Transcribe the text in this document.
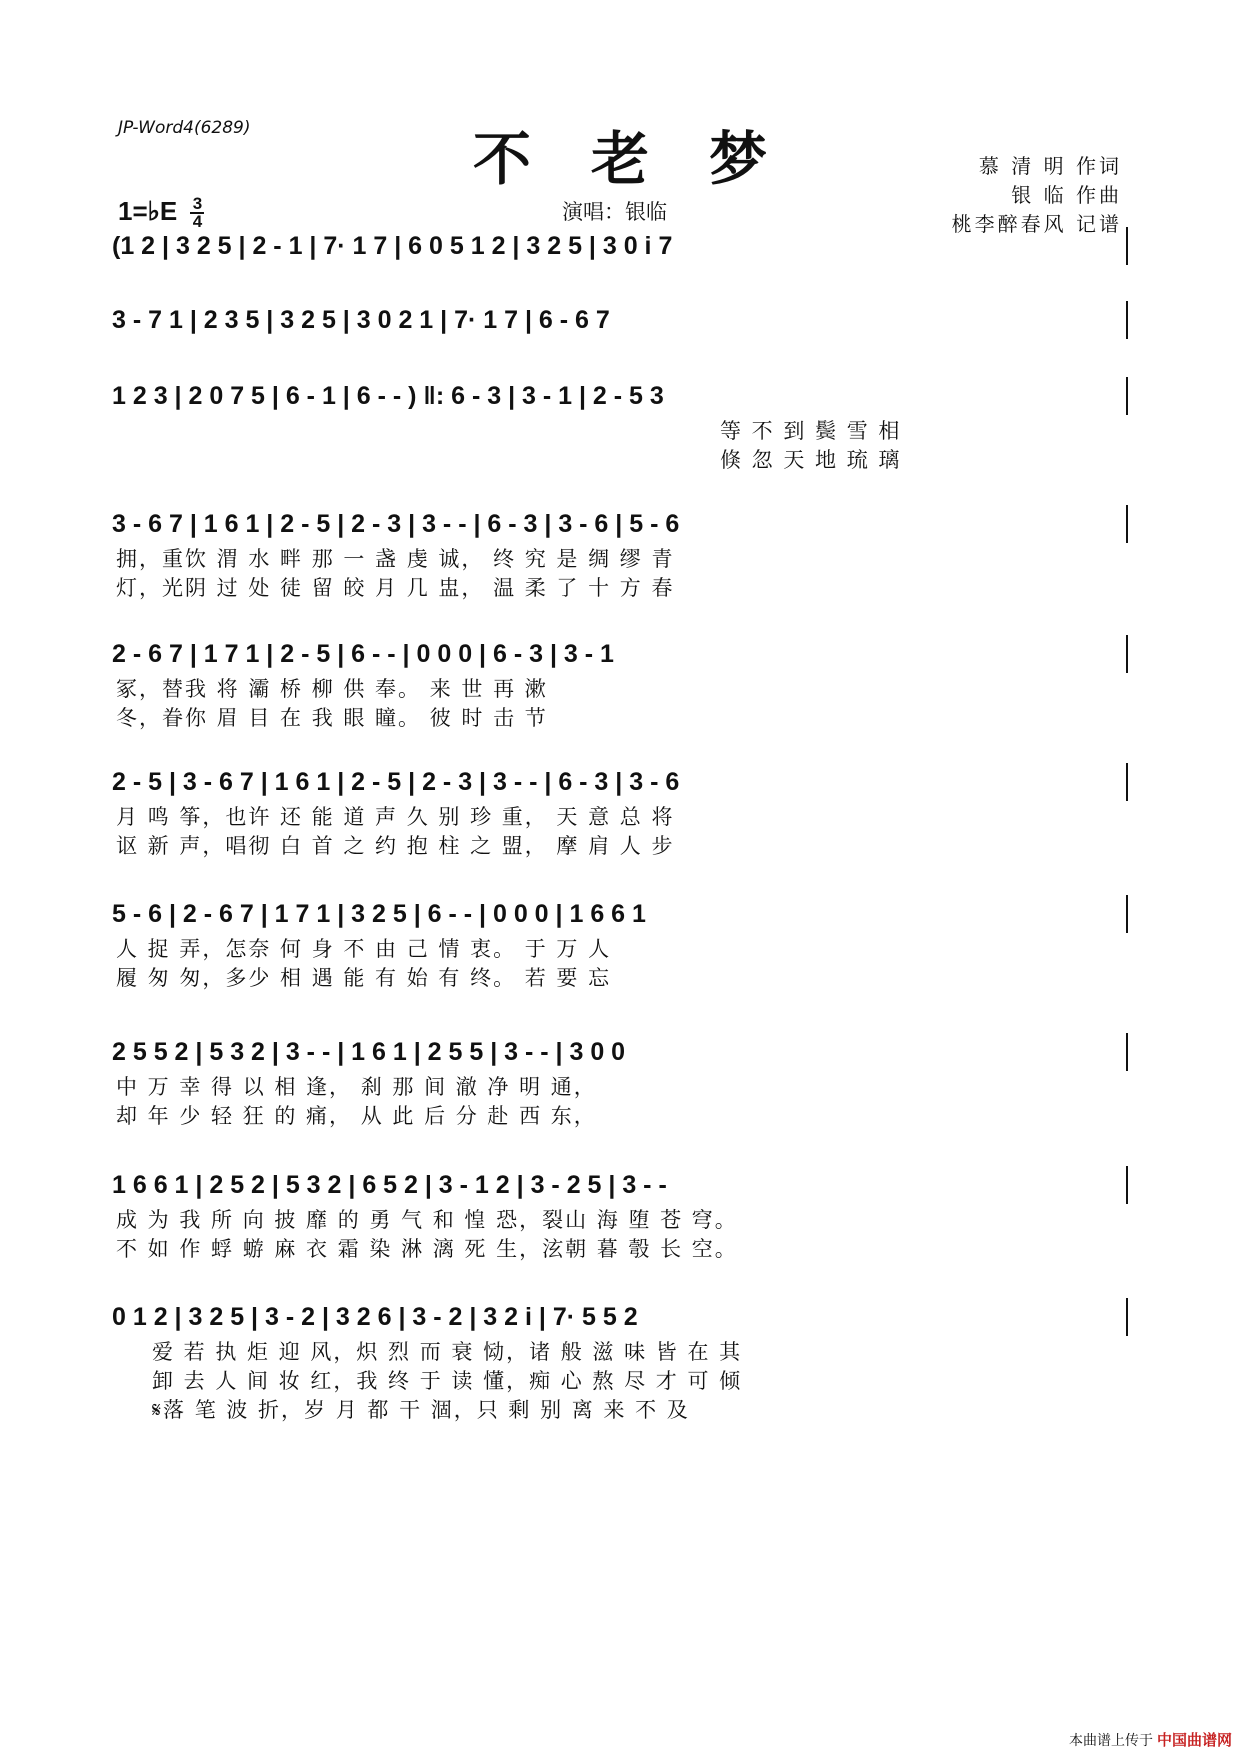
JP-Word4(6289)	不老梦	慕 清 明 作词
银 临 作曲
桃李醉春风 记谱
1=♭E $\frac{3}{4}$	演唱：银临
(1 2 | 3 2 5 | 2 - 1 | 7· 1 7 | 6 0 5 1 2 | 3 2 5 | 3 0 i 7
3 - 7 1 | 2 3 5 | 3 2 5 | 3 0 2 1 | 7· 1 7 | 6 - 6 7
1 2 3 | 2 0 7 5 | 6 - 1 | 6 - - ) ‖: 6 - 3 | 3 - 1 | 2 - 5 3
等 不 到 鬓 雪 相
倏 忽 天 地 琉 璃
3 - 6 7 | 1 6 1 | 2 - 5 | 2 - 3 | 3 - - | 6 - 3 | 3 - 6 | 5 - 6
拥，重饮 渭 水 畔 那 一 盏 虔 诚， 终 究 是 绸 缪 青
灯，光阴 过 处 徒 留 皎 月 几 盅， 温 柔 了 十 方 春
2 - 6 7 | 1 7 1 | 2 - 5 | 6 - - | 0 0 0 | 6 - 3 | 3 - 1
冢，替我 将 灞 桥 柳 供 奉。 来 世 再 漱
冬，眷你 眉 目 在 我 眼 瞳。 彼 时 击 节
2 - 5 | 3 - 6 7 | 1 6 1 | 2 - 5 | 2 - 3 | 3 - - | 6 - 3 | 3 - 6
月 鸣 筝，也许 还 能 道 声 久 别 珍 重， 天 意 总 将
讴 新 声，唱彻 白 首 之 约 抱 柱 之 盟， 摩 肩 人 步
5 - 6 | 2 - 6 7 | 1 7 1 | 3 2 5 | 6 - - | 0 0 0 | 1 6 6 1
人 捉 弄，怎奈 何 身 不 由 己 情 衷。 于 万 人
履 匆 匆，多少 相 遇 能 有 始 有 终。 若 要 忘
2 5 5 2 | 5 3 2 | 3 - - | 1 6 1 | 2 5 5 | 3 - - | 3 0 0
中 万 幸 得 以 相 逢， 刹 那 间 澈 净 明 通，
却 年 少 轻 狂 的 痛， 从 此 后 分 赴 西 东，
1 6 6 1 | 2 5 2 | 5 3 2 | 6 5 2 | 3 - 1 2 | 3 - 2 5 | 3 - -
成 为 我 所 向 披 靡 的 勇 气 和 惶 恐，裂山 海 堕 苍 穹。
不 如 作 蜉 蝣 麻 衣 霜 染 淋 漓 死 生，泫朝 暮 彀 长 空。
0 1 2 | 3 2 5 | 3 - 2 | 3 2 6 | 3 - 2 | 3 2 i | 7· 5 5 2
爱 若 执 炬 迎 风，炽 烈 而 衰 恸，诸 般 滋 味 皆 在 其
卸 去 人 间 妆 红，我 终 于 读 懂，痴 心 熬 尽 才 可 倾
𝄋落 笔 波 折，岁 月 都 干 涸，只 剩 别 离 来 不 及
本曲谱上传于 中国曲谱网
